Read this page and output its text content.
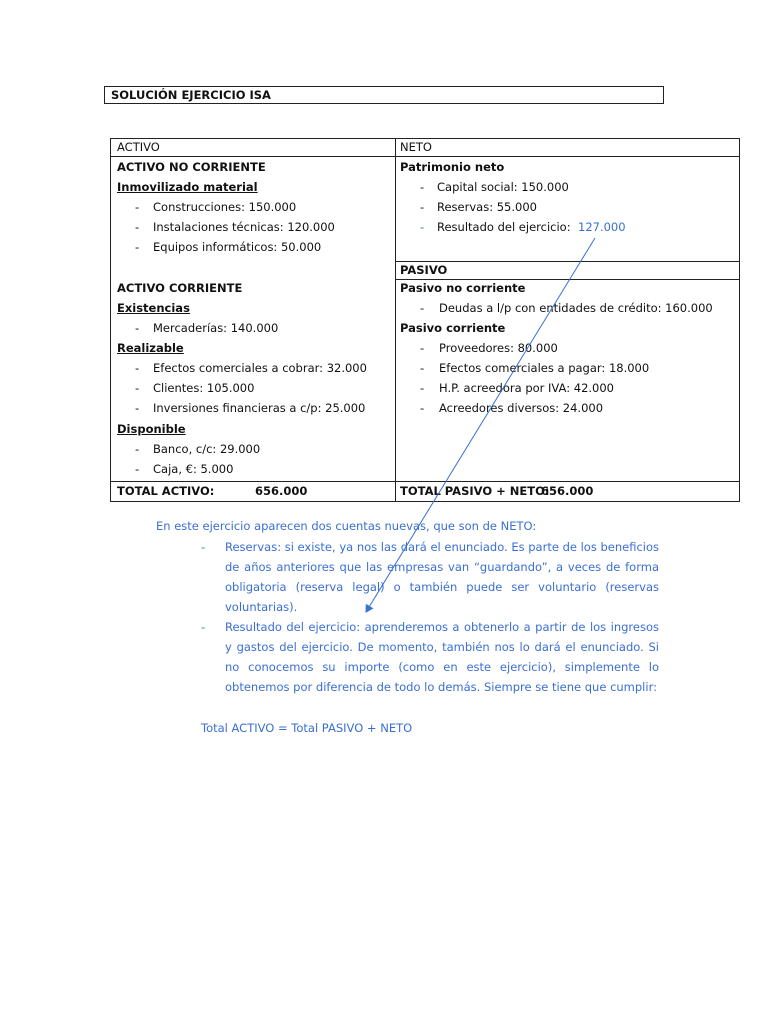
SOLUCIÓN EJERCICIO ISA
ACTIVO
ACTIVO NO CORRIENTE
Inmovilizado material
- Construcciones: 150.000
- Instalaciones técnicas: 120.000
- Equipos informáticos: 50.000
ACTIVO CORRIENTE
Existencias
- Mercaderías: 140.000
Realizable
- Efectos comerciales a cobrar: 32.000
- Clientes: 105.000
- Inversiones financieras a c/p: 25.000
Disponible
- Banco, c/c: 29.000
- Caja, €: 5.000
TOTAL ACTIVO:	656.000
NETO
Patrimonio neto
- Capital social: 150.000
- Reservas: 55.000
- Resultado del ejercicio: 127.000
PASIVO
Pasivo no corriente
- Deudas a l/p con entidades de crédito: 160.000
Pasivo corriente
- Proveedores: 80.000
- Efectos comerciales a pagar: 18.000
- H.P. acreedora por IVA: 42.000
- Acreedores diversos: 24.000
TOTAL PASIVO + NETO:
656.000
En este ejercicio aparecen dos cuentas nuevas, que son de NETO:
- Reservas: si existe, ya nos las dará el enunciado. Es parte de los beneficios de años anteriores que las empresas van “guardando”, a veces de forma obligatoria (reserva legal) o también puede ser voluntario (reservas voluntarias).
- Resultado del ejercicio: aprenderemos a obtenerlo a partir de los ingresos y gastos del ejercicio. De momento, también nos lo dará el enunciado. Si no conocemos su importe (como en este ejercicio), simplemente lo obtenemos por diferencia de todo lo demás. Siempre se tiene que cumplir:
Total ACTIVO = Total PASIVO + NETO
